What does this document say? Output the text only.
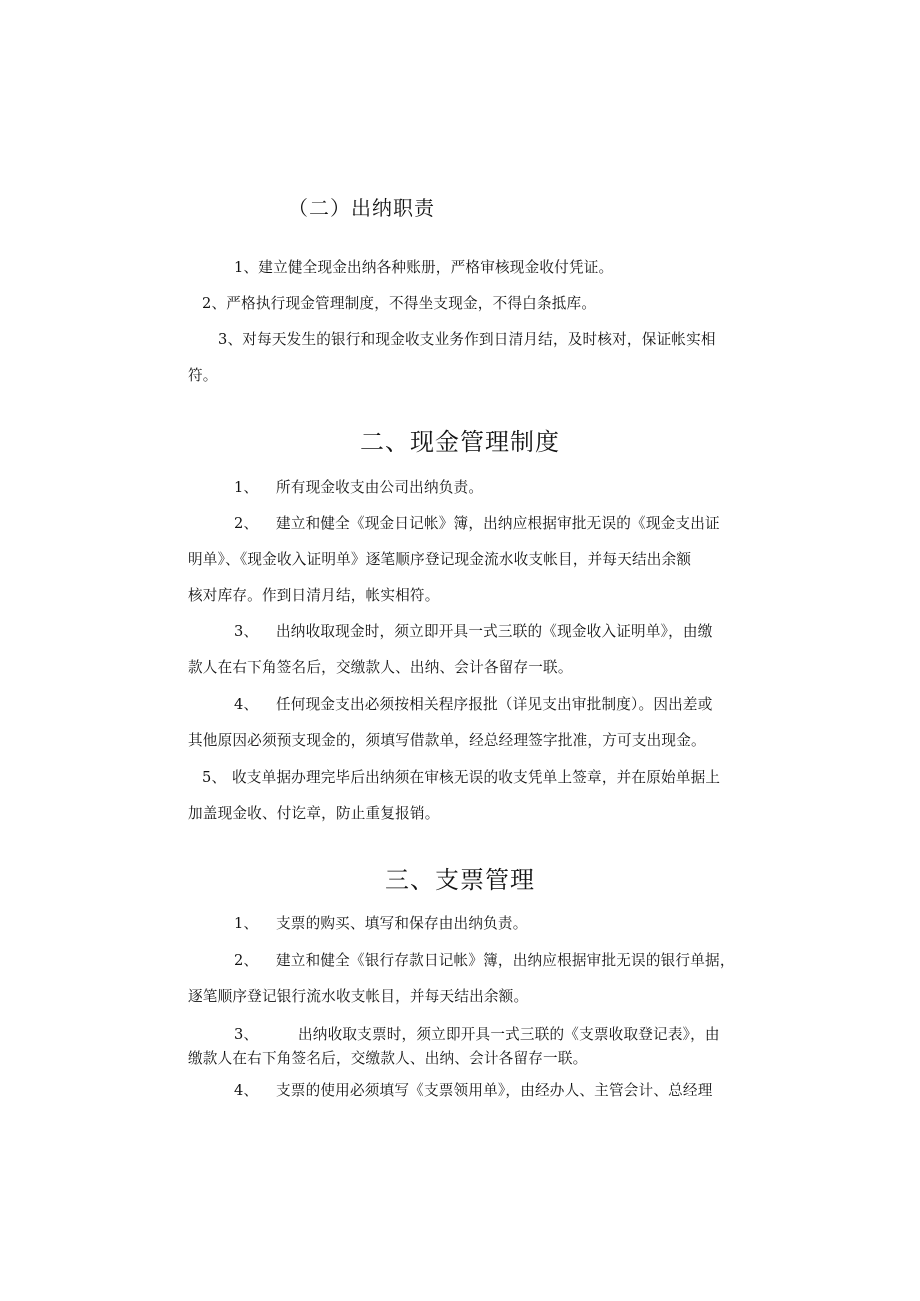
（二）出纳职责
1、建立健全现金出纳各种账册，严格审核现金收付凭证。
2、严格执行现金管理制度，不得坐支现金，不得白条抵库。
3、对每天发生的银行和现金收支业务作到日清月结，及时核对，保证帐实相
符。
二、现金管理制度
1、 所有现金收支由公司出纳负责。
2、 建立和健全《现金日记帐》簿，出纳应根据审批无误的《现金支出证
明单》、《现金收入证明单》逐笔顺序登记现金流水收支帐目，并每天结出余额
核对库存。作到日清月结，帐实相符。
3、 出纳收取现金时，须立即开具一式三联的《现金收入证明单》，由缴
款人在右下角签名后，交缴款人、出纳、会计各留存一联。
4、 任何现金支出必须按相关程序报批（详见支出审批制度）。因出差或
其他原因必须预支现金的，须填写借款单，经总经理签字批准，方可支出现金。
5、 收支单据办理完毕后出纳须在审核无误的收支凭单上签章，并在原始单据上
加盖现金收、付讫章，防止重复报销。
三、支票管理
1、 支票的购买、填写和保存由出纳负责。
2、 建立和健全《银行存款日记帐》簿，出纳应根据审批无误的银行单据，
逐笔顺序登记银行流水收支帐目，并每天结出余额。
3、	出纳收取支票时，须立即开具一式三联的《支票收取登记表》，由
缴款人在右下角签名后，交缴款人、出纳、会计各留存一联。
4、 支票的使用必须填写《支票领用单》，由经办人、主管会计、总经理
